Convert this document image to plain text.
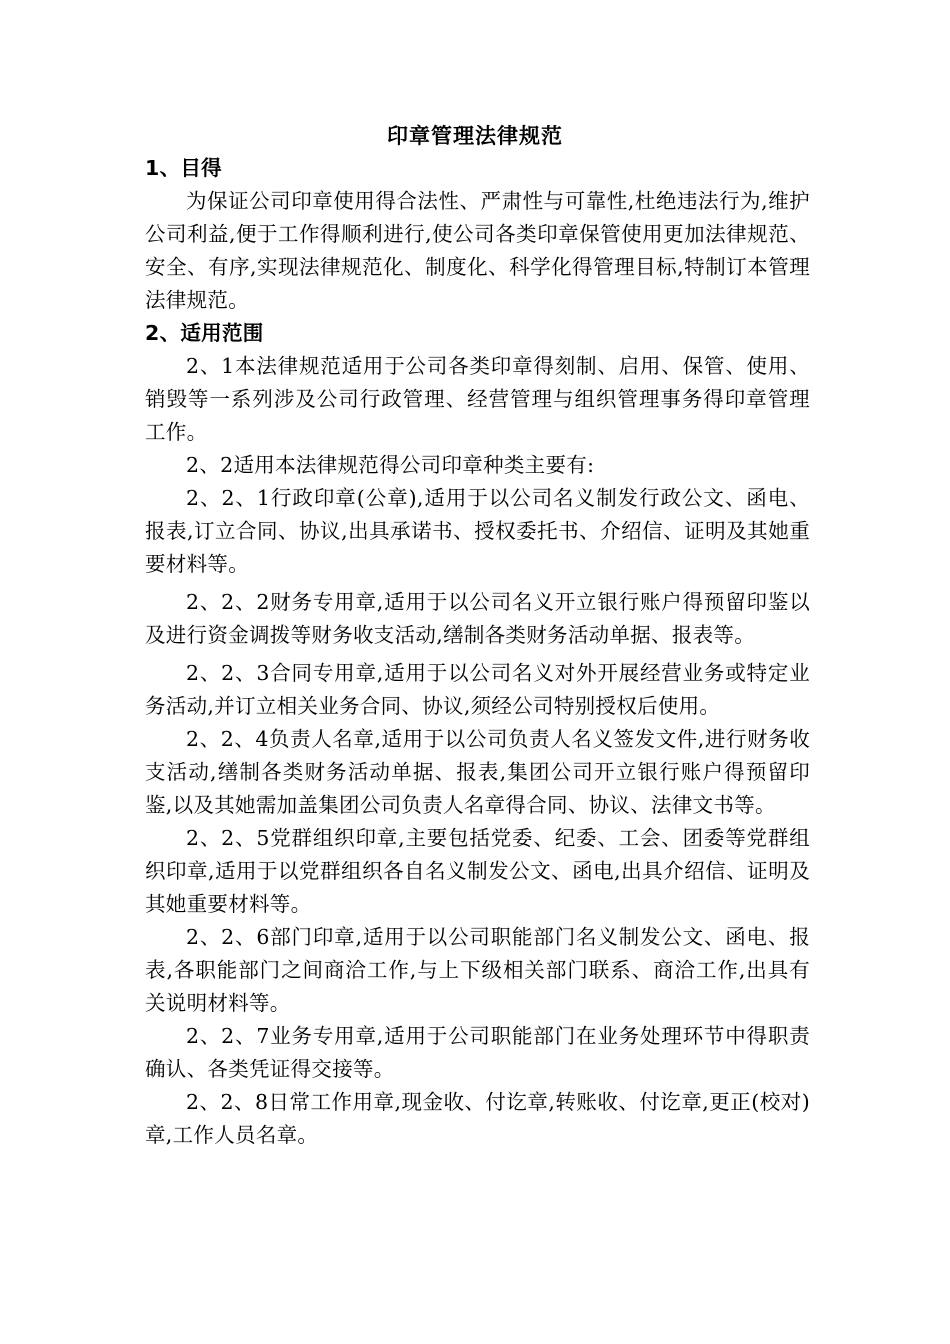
印章管理法律规范

1、目得

为保证公司印章使用得合法性、严肃性与可靠性,杜绝违法行为,维护公司利益,便于工作得顺利进行,使公司各类印章保管使用更加法律规范、安全、有序,实现法律规范化、制度化、科学化得管理目标,特制订本管理法律规范。

2、适用范围

2、1本法律规范适用于公司各类印章得刻制、启用、保管、使用、销毁等一系列涉及公司行政管理、经营管理与组织管理事务得印章管理工作。

2、2适用本法律规范得公司印章种类主要有:

2、2、1行政印章(公章),适用于以公司名义制发行政公文、函电、报表,订立合同、协议,出具承诺书、授权委托书、介绍信、证明及其她重要材料等。

2、2、2财务专用章,适用于以公司名义开立银行账户得预留印鉴以及进行资金调拨等财务收支活动,缮制各类财务活动单据、报表等。

2、2、3合同专用章,适用于以公司名义对外开展经营业务或特定业务活动,并订立相关业务合同、协议,须经公司特别授权后使用。

2、2、4负责人名章,适用于以公司负责人名义签发文件,进行财务收支活动,缮制各类财务活动单据、报表,集团公司开立银行账户得预留印鉴,以及其她需加盖集团公司负责人名章得合同、协议、法律文书等。

2、2、5党群组织印章,主要包括党委、纪委、工会、团委等党群组织印章,适用于以党群组织各自名义制发公文、函电,出具介绍信、证明及其她重要材料等。

2、2、6部门印章,适用于以公司职能部门名义制发公文、函电、报表,各职能部门之间商洽工作,与上下级相关部门联系、商洽工作,出具有关说明材料等。

2、2、7业务专用章,适用于公司职能部门在业务处理环节中得职责确认、各类凭证得交接等。

2、2、8日常工作用章,现金收、付讫章,转账收、付讫章,更正(校对)章,工作人员名章。
